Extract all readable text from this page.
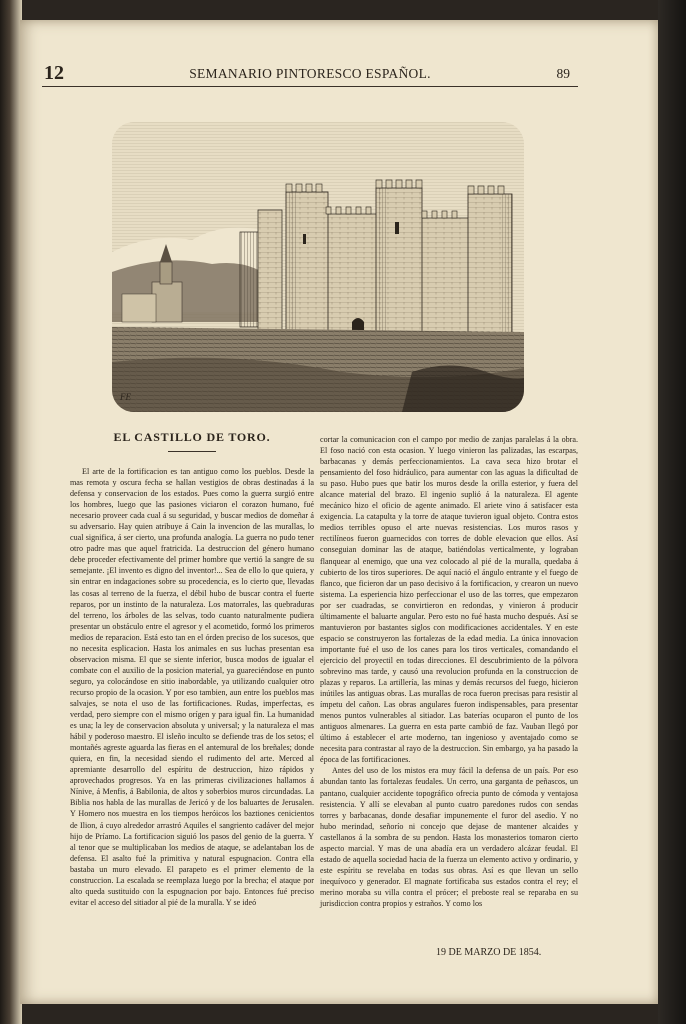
12	SEMANARIO PINTORESCO ESPAÑOL.	89
FE
EL CASTILLO DE TORO.

El arte de la fortificacion es tan antiguo como los pueblos. Desde la mas remota y oscura fecha se hallan vestigios de obras destinadas á la defensa y conservacion de los estados. Pues como la guerra surgió entre los hombres, luego que las pasiones viciaron el corazon humano, fué necesario proveer cada cual á su seguridad, y buscar medios de domeñar á su adversario. Hay quien atribuye á Cain la invencion de las murallas, lo cual significa, á ser cierto, una profunda analogía. La guerra no pudo tener otro padre mas que aquel fratricida. La destruccion del género humano debe proceder efectivamente del primer hombre que vertió la sangre de su semejante. ¡El invento es digno del inventor!... Sea de ello lo que quiera, y sin entrar en indagaciones sobre su procedencia, es lo cierto que, llevadas las cosas al terreno de la fuerza, el débil hubo de buscar contra el fuerte reparos, por un instinto de la naturaleza. Los matorrales, las quebraduras del terreno, los árboles de las selvas, todo cuanto naturalmente pudiera presentar un obstáculo entre el agresor y el acometido, formó los primeros medios de reparacion. Está esto tan en el órden preciso de los sucesos, que no necesita esplicacion. Hasta los animales en sus luchas presentan esa observacion misma. El que se siente inferior, busca modos de igualar el combate con el auxilio de la posicion material, ya guareciéndose en punto seguro, ya colocándose en sitio inabordable, ya utilizando cualquier otro recurso propio de la ocasion. Y por eso tambien, aun entre los pueblos mas salvajes, se nota el uso de las fortificaciones. Rudas, imperfectas, es verdad, pero siempre con el mismo orígen y para igual fin. La humanidad es una; la ley de conservacion absoluta y universal; y la naturaleza el mas hábil y poderoso maestro. El isleño inculto se defiende tras de los setos; el montañés agreste aguarda las fieras en el antemural de los breñales; donde quiera, en fin, la necesidad siendo el rudimento del arte. Merced al apremiante desarrollo del espíritu de destruccion, hizo rápidos y aprovechados progresos. Ya en las primeras civilizaciones hallamos á Nínive, á Menfis, á Babilonia, de altos y soberbios muros circundadas. La Biblia nos habla de las murallas de Jericó y de los baluartes de Jerusalen. Y Homero nos muestra en los tiempos heróicos los baztiones cenicientos de Ilion, á cuyo alrededor arrastró Aquiles el sangriento cadáver del mejor hijo de Príamo. La fortificacion siguió los pasos del genio de la guerra. Y al tenor que se multiplicaban los medios de ataque, se adelantaban los de defensa. El asalto fué la primitiva y natural espugnacion. Contra ella bastaba un muro elevado. El parapeto es el primer elemento de la construccion. La escalada se reemplaza luego por la brecha; el ataque por alto queda sustituido con la espugnacion por bajo. Entonces fué preciso evitar el acceso del sitiador al pié de la muralla. Y se ideó

cortar la comunicacion con el campo por medio de zanjas paralelas á la obra. El foso nació con esta ocasion. Y luego vinieron las palizadas, las escarpas, barbacanas y demás perfeccionamientos. La cava seca hizo brotar el pensamiento del foso hidráulico, para aumentar con las aguas la dificultad de su paso. Hubo pues que batir los muros desde la orilla esterior, y fuera del alcance material del brazo. El ingenio suplió á la naturaleza. El agente mecánico hizo el oficio de agente animado. El ariete vino á satisfacer esta exigencia. La catapulta y la torre de ataque tuvieron igual objeto. Contra estos medios terribles opuso el arte nuevas resistencias. Los muros rasos y rectilíneos fueron guarnecidos con torres de doble elevacion que ellos. Así conseguian dominar las de ataque, batiéndolas verticalmente, y lograban flanquear al enemigo, que una vez colocado al pié de la muralla, quedaba á cubierto de los tiros superiores. De aquí nació el ángulo entrante y el fuego de flanco, que ficieron dar un paso decisivo á la fortificacion, y crearon un nuevo sistema. La esperiencia hizo perfeccionar el uso de las torres, que empezaron por ser cuadradas, se convirtieron en redondas, y vinieron á producir últimamente el baluarte angular. Pero esto no fué hasta mucho después. Así se mantuvieron por bastantes siglos con modificaciones accidentales. Y en este espacio se construyeron las fortalezas de la edad media. La única innovacion importante fué el uso de los canes para los tiros verticales, comandando el ejercicio del proyectil en todas direcciones. El descubrimiento de la pólvora sobrevino mas tarde, y causó una revolucion profunda en la construccion de plazas y reparos. La artillería, las minas y demás recursos del fuego, hicieron inútiles las antiguas obras. Las murallas de roca fueron precisas para resistir al ímpetu del cañon. Las obras angulares fueron indispensables, para presentar menos puntos vulnerables al sitiador. Las baterías ocuparon el punto de los antiguos almenares. La guerra en esta parte cambió de faz. Vauban llegó por último á establecer el arte moderno, tan ingenioso y aventajado como se necesita para contrastar al rayo de la destruccion. Sin embargo, ya ha pasado la época de las fortificaciones.

Antes del uso de los mistos era muy fácil la defensa de un país. Por eso abundan tanto las fortalezas feudales. Un cerro, una garganta de peñascos, un pantano, cualquier accidente topográfico ofrecia punto de cómoda y ventajosa resistencia. Y allí se elevaban al punto cuatro paredones rudos con sendas torres y barbacanas, donde desafiar impunemente el furor del asedio. Y no hubo merindad, señorío ni concejo que dejase de mantener alcaides y castellanos á la sombra de su pendon. Hasta los monasterios tomaron cierto aspecto marcial. Y mas de una abadía era un verdadero alcázar feudal. El estado de aquella sociedad hacia de la fuerza un elemento activo y ordinario, y este espíritu se revelaba en todas sus obras. Así es que llevan un sello inequívoco y generador. El magnate fortificaba sus estados contra el rey; el merino moraba su villa contra el prócer; el preboste real se reparaba en su jurisdiccion contra propios y estraños. Y como los

19 DE MARZO DE 1854.
